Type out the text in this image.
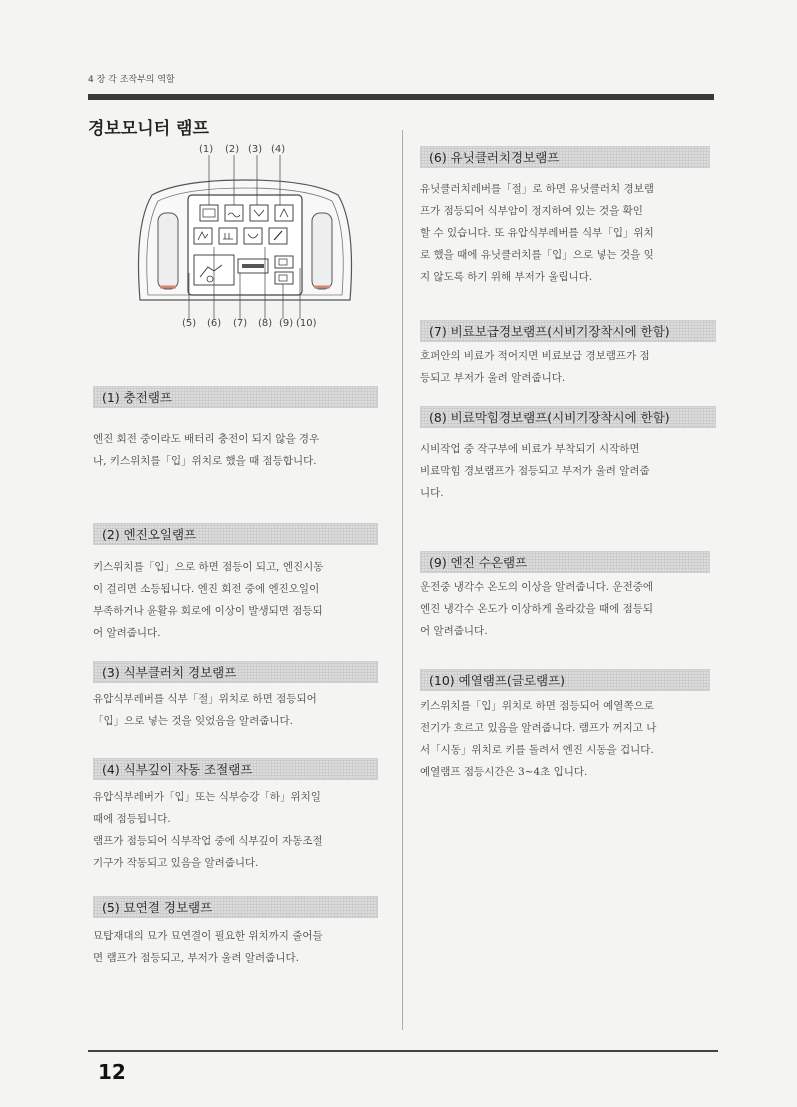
4 장 각 조작부의 역할
경보모니터 램프
(1) (2) (3) (4)
(5) (6) (7) (8) (9) (10)
(1) 충전램프
엔진 회전 중이라도 배터리 충전이 되지 않을 경우
나, 키스위치를「입」위치로 했을 때 점등합니다.
(2) 엔진오일램프
키스위치를「입」으로 하면 점등이 되고, 엔진시동
이 걸리면 소등됩니다. 엔진 회전 중에 엔진오일이
부족하거나 윤활유 회로에 이상이 발생되면 점등되
어 알려줍니다.
(3) 식부클러치 경보램프
유압식부레버를 식부「절」위치로 하면 점등되어
「입」으로 넣는 것을 잊었음을 알려줍니다.
(4) 식부깊이 자동 조절램프
유압식부레버가「입」또는 식부승강「하」위치일
때에 점등됩니다.
램프가 점등되어 식부작업 중에 식부깊이 자동조절
기구가 작동되고 있음을 알려줍니다.
(5) 묘연결 경보램프
묘탑재대의 묘가 묘연결이 필요한 위치까지 줄어들
면 램프가 점등되고, 부저가 울려 알려줍니다.
(6) 유닛클러치경보램프
유닛클러치레버를「절」로 하면 유닛클러치 경보램
프가 점등되어 식부암이 정지하여 있는 것을 확인
할 수 있습니다. 또 유압식부레버를 식부「입」위치
로 했을 때에 유닛클러치를「입」으로 넣는 것을 잊
지 않도록 하기 위해 부저가 울립니다.
(7) 비료보급경보램프(시비기장착시에 한함)
호퍼안의 비료가 적어지면 비료보급 경보램프가 점
등되고 부저가 울려 알려줍니다.
(8) 비료막힘경보램프(시비기장착시에 한함)
시비작업 중 작구부에 비료가 부착되기 시작하면
비료막힘 경보램프가 점등되고 부저가 울려 알려줍
니다.
(9) 엔진 수온램프
운전중 냉각수 온도의 이상을 알려줍니다. 운전중에
엔진 냉각수 온도가 이상하게 올라갔을 때에 점등되
어 알려줍니다.
(10) 예열램프(글로램프)
키스위치를「입」위치로 하면 점등되어 예열쪽으로
전기가 흐르고 있음을 알려줍니다. 램프가 꺼지고 나
서「시동」위치로 키를 돌려서 엔진 시동을 겁니다.
예열램프 점등시간은 3~4초 입니다.
12
